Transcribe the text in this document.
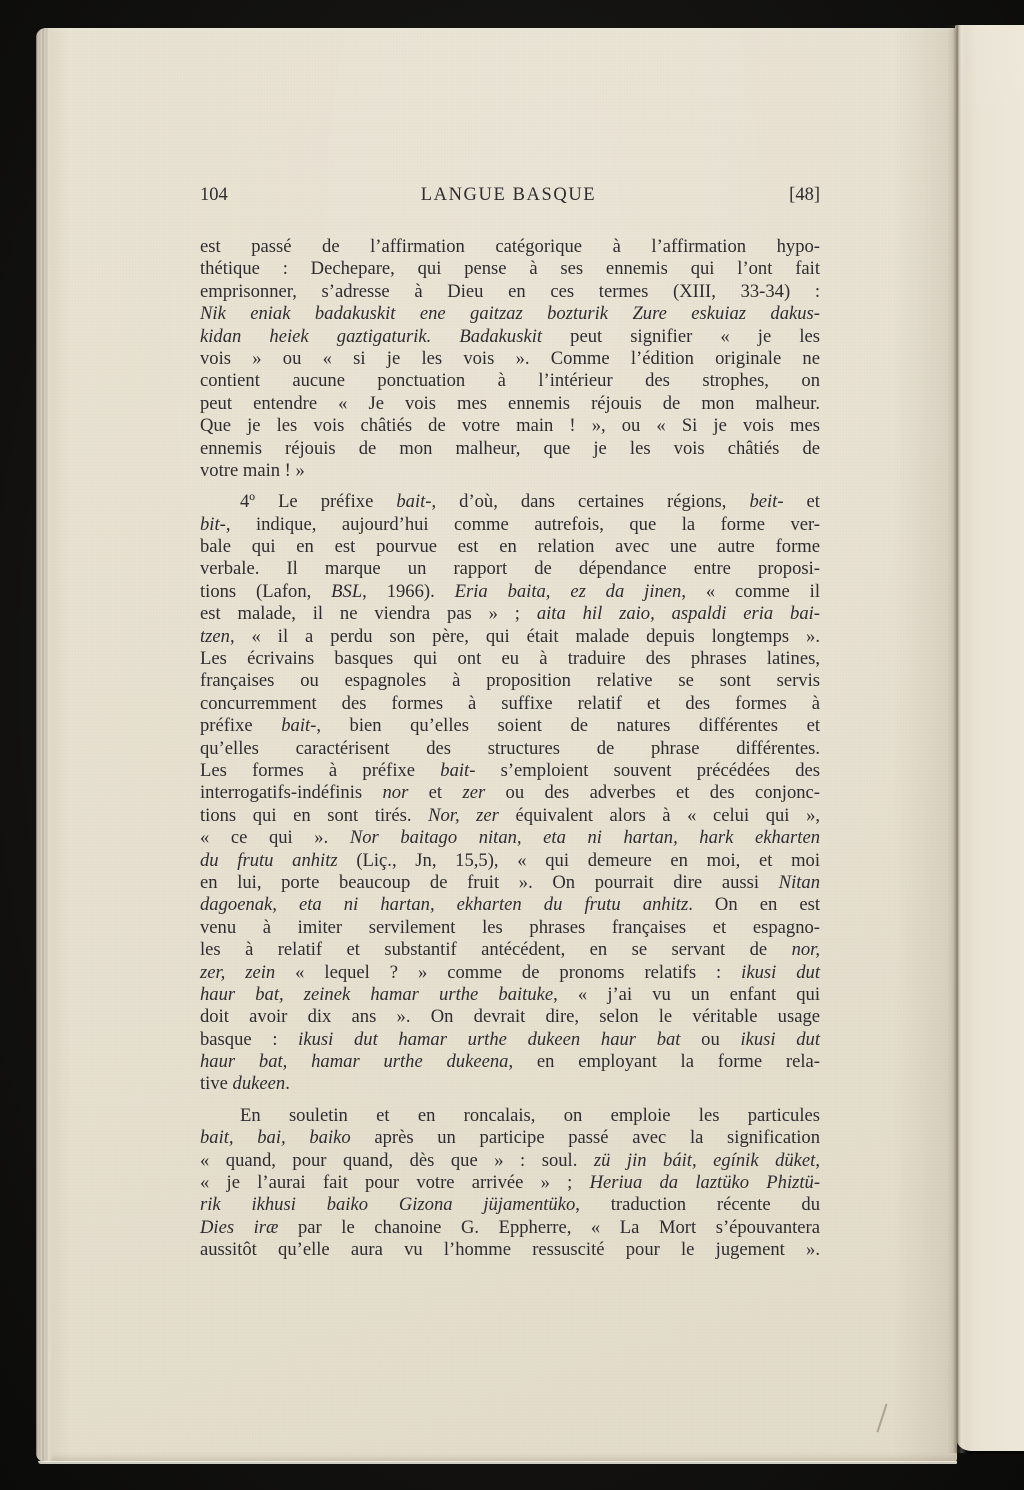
104	LANGUE BASQUE	[48]
est passé de l’affirmation catégorique à l’affirmation hypo-
thétique : Dechepare, qui pense à ses ennemis qui l’ont fait
emprisonner, s’adresse à Dieu en ces termes (XIII, 33-34) :
Nik eniak badakuskit ene gaitzaz bozturik Zure eskuiaz dakus-
kidan heiek gaztigaturik. Badakuskit peut signifier « je les
vois » ou « si je les vois ». Comme l’édition originale ne
contient aucune ponctuation à l’intérieur des strophes, on
peut entendre « Je vois mes ennemis réjouis de mon malheur.
Que je les vois châtiés de votre main ! », ou « Si je vois mes
ennemis réjouis de mon malheur, que je les vois châtiés de
votre main ! »
4º Le préfixe bait-, d’où, dans certaines régions, beit- et
bit-, indique, aujourd’hui comme autrefois, que la forme ver-
bale qui en est pourvue est en relation avec une autre forme
verbale. Il marque un rapport de dépendance entre proposi-
tions (Lafon, BSL, 1966). Eria baita, ez da jinen, « comme il
est malade, il ne viendra pas » ; aita hil zaio, aspaldi eria bai-
tzen, « il a perdu son père, qui était malade depuis longtemps ».
Les écrivains basques qui ont eu à traduire des phrases latines,
françaises ou espagnoles à proposition relative se sont servis
concurremment des formes à suffixe relatif et des formes à
préfixe bait-, bien qu’elles soient de natures différentes et
qu’elles caractérisent des structures de phrase différentes.
Les formes à préfixe bait- s’emploient souvent précédées des
interrogatifs-indéfinis nor et zer ou des adverbes et des conjonc-
tions qui en sont tirés. Nor, zer équivalent alors à « celui qui »,
« ce qui ». Nor baitago nitan, eta ni hartan, hark ekharten
du frutu anhitz (Liç., Jn, 15,5), « qui demeure en moi, et moi
en lui, porte beaucoup de fruit ». On pourrait dire aussi Nitan
dagoenak, eta ni hartan, ekharten du frutu anhitz. On en est
venu à imiter servilement les phrases françaises et espagno-
les à relatif et substantif antécédent, en se servant de nor,
zer, zein « lequel ? » comme de pronoms relatifs : ikusi dut
haur bat, zeinek hamar urthe baituke, « j’ai vu un enfant qui
doit avoir dix ans ». On devrait dire, selon le véritable usage
basque : ikusi dut hamar urthe dukeen haur bat ou ikusi dut
haur bat, hamar urthe dukeena, en employant la forme rela-
tive dukeen.
En souletin et en roncalais, on emploie les particules
bait, bai, baiko après un participe passé avec la signification
« quand, pour quand, dès que » : soul. zü jin báit, egínik düket,
« je l’aurai fait pour votre arrivée » ; Heriua da laztüko Phiztü-
rik ikhusi baiko Gizona jüjamentüko, traduction récente du
Dies iræ par le chanoine G. Eppherre, « La Mort s’épouvantera
aussitôt qu’elle aura vu l’homme ressuscité pour le jugement ».
